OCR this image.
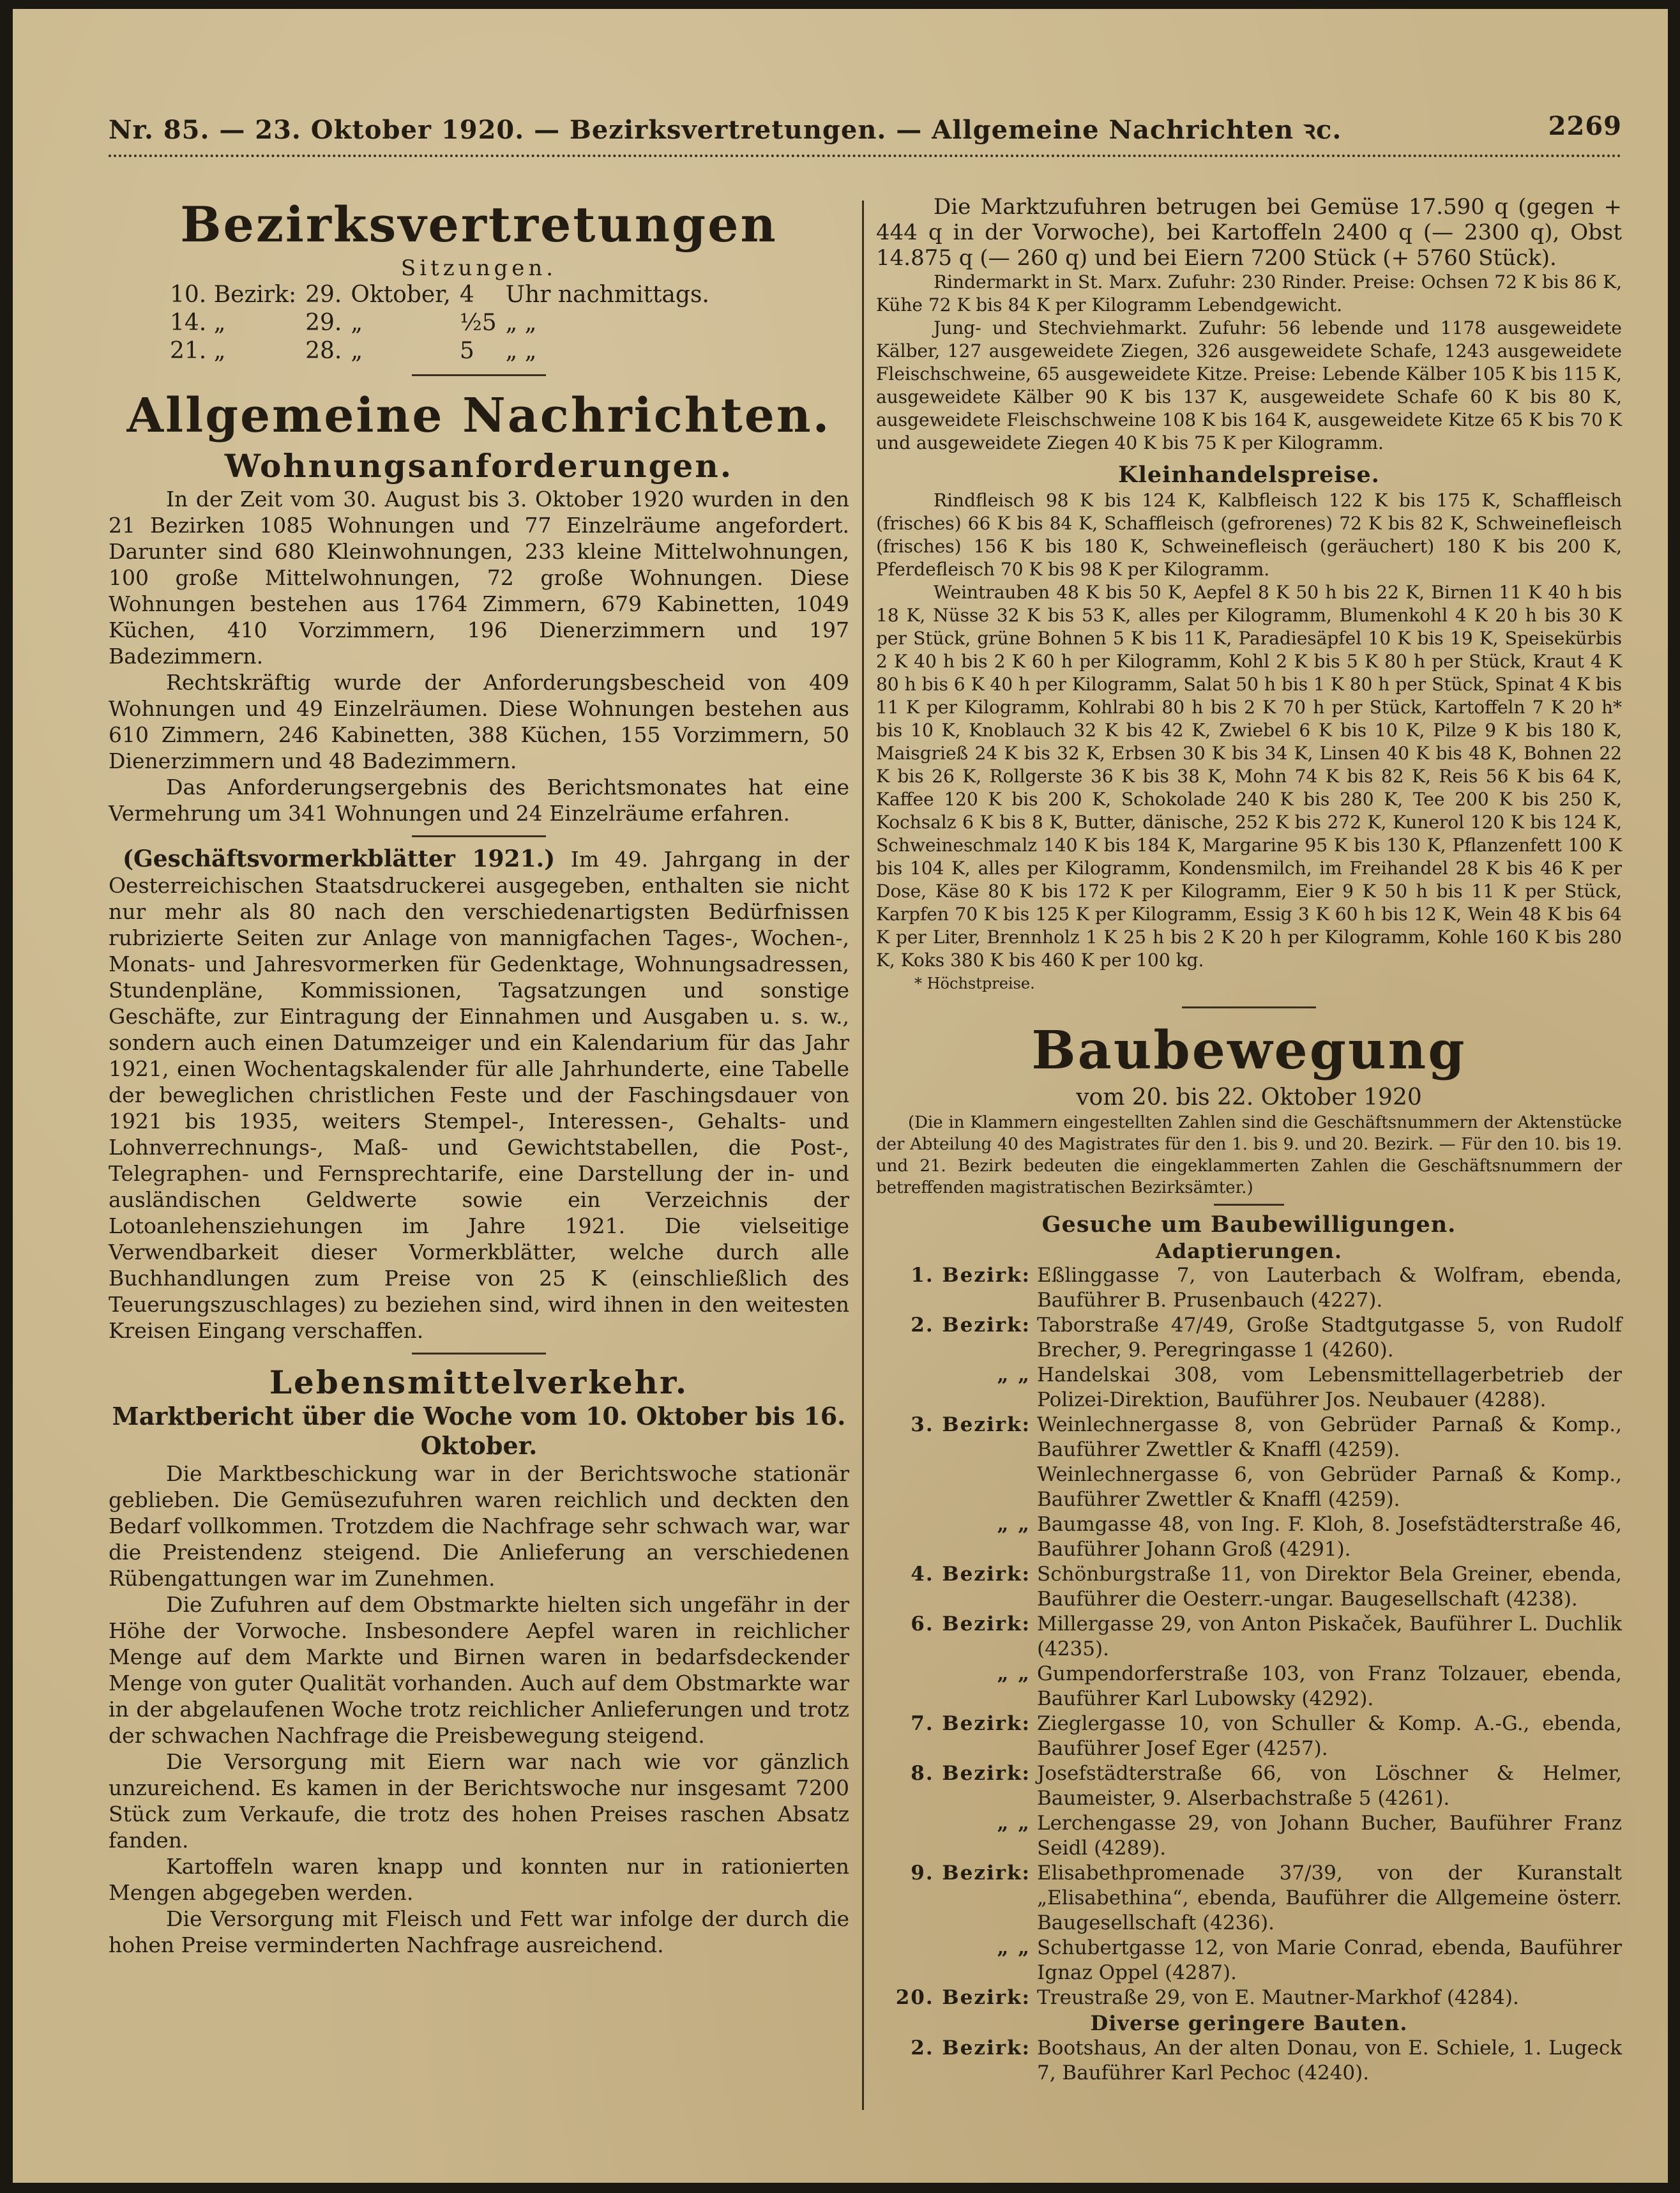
Nr. 85. — 23. Oktober 1920. — Bezirksvertretungen. — Allgemeine Nachrichten ꝛc.	2269
Bezirksvertretungen
Sitzungen.
10. Bezirk:	29.	Oktober,	4	Uhr nachmittags.
14. „	29.	„	½5	„ „
21. „	28.	„	5	„ „
Allgemeine Nachrichten.
Wohnungsanforderungen.

In der Zeit vom 30. August bis 3. Oktober 1920 wurden in den 21 Bezirken 1085 Wohnungen und 77 Einzelräume angefordert. Darunter sind 680 Kleinwohnungen, 233 kleine Mittelwohnungen, 100 große Mittelwohnungen, 72 große Wohnungen. Diese Wohnungen bestehen aus 1764 Zimmern, 679 Kabinetten, 1049 Küchen, 410 Vorzimmern, 196 Dienerzimmern und 197 Badezimmern.

Rechtskräftig wurde der Anforderungsbescheid von 409 Wohnungen und 49 Einzelräumen. Diese Wohnungen bestehen aus 610 Zimmern, 246 Kabinetten, 388 Küchen, 155 Vorzimmern, 50 Dienerzimmern und 48 Badezimmern.

Das Anforderungsergebnis des Berichtsmonates hat eine Vermehrung um 341 Wohnungen und 24 Einzelräume erfahren.

(Geschäftsvormerkblätter 1921.) Im 49. Jahrgang in der Oesterreichischen Staatsdruckerei ausgegeben, enthalten sie nicht nur mehr als 80 nach den verschiedenartigsten Bedürfnissen rubrizierte Seiten zur Anlage von mannigfachen Tages-, Wochen-, Monats- und Jahresvormerken für Gedenktage, Wohnungsadressen, Stundenpläne, Kommissionen, Tagsatzungen und sonstige Geschäfte, zur Eintragung der Einnahmen und Ausgaben u. s. w., sondern auch einen Datumzeiger und ein Kalendarium für das Jahr 1921, einen Wochentagskalender für alle Jahrhunderte, eine Tabelle der beweglichen christlichen Feste und der Faschingsdauer von 1921 bis 1935, weiters Stempel-, Interessen-, Gehalts- und Lohnverrechnungs-, Maß- und Gewichtstabellen, die Post-, Telegraphen- und Fernsprechtarife, eine Darstellung der in- und ausländischen Geldwerte sowie ein Verzeichnis der Lotoanlehensziehungen im Jahre 1921. Die vielseitige Verwendbarkeit dieser Vormerkblätter, welche durch alle Buchhandlungen zum Preise von 25 K (einschließlich des Teuerungszuschlages) zu beziehen sind, wird ihnen in den weitesten Kreisen Eingang verschaffen.

Lebensmittelverkehr.
Marktbericht über die Woche vom 10. Oktober bis 16. Oktober.

Die Marktbeschickung war in der Berichtswoche stationär geblieben. Die Gemüsezufuhren waren reichlich und deckten den Bedarf vollkommen. Trotzdem die Nachfrage sehr schwach war, war die Preistendenz steigend. Die Anlieferung an verschiedenen Rübengattungen war im Zunehmen.

Die Zufuhren auf dem Obstmarkte hielten sich ungefähr in der Höhe der Vorwoche. Insbesondere Aepfel waren in reichlicher Menge auf dem Markte und Birnen waren in bedarfsdeckender Menge von guter Qualität vorhanden. Auch auf dem Obstmarkte war in der abgelaufenen Woche trotz reichlicher Anlieferungen und trotz der schwachen Nachfrage die Preisbewegung steigend.

Die Versorgung mit Eiern war nach wie vor gänzlich unzureichend. Es kamen in der Berichtswoche nur insgesamt 7200 Stück zum Verkaufe, die trotz des hohen Preises raschen Absatz fanden.

Kartoffeln waren knapp und konnten nur in rationierten Mengen abgegeben werden.

Die Versorgung mit Fleisch und Fett war infolge der durch die hohen Preise verminderten Nachfrage ausreichend.

Die Marktzufuhren betrugen bei Gemüse 17.590 q (gegen + 444 q in der Vorwoche), bei Kartoffeln 2400 q (— 2300 q), Obst 14.875 q (— 260 q) und bei Eiern 7200 Stück (+ 5760 Stück).

Rindermarkt in St. Marx. Zufuhr: 230 Rinder. Preise: Ochsen 72 K bis 86 K, Kühe 72 K bis 84 K per Kilogramm Lebendgewicht.

Jung- und Stechviehmarkt. Zufuhr: 56 lebende und 1178 ausgeweidete Kälber, 127 ausgeweidete Ziegen, 326 ausgeweidete Schafe, 1243 ausgeweidete Fleischschweine, 65 ausgeweidete Kitze. Preise: Lebende Kälber 105 K bis 115 K, ausgeweidete Kälber 90 K bis 137 K, ausgeweidete Schafe 60 K bis 80 K, ausgeweidete Fleischschweine 108 K bis 164 K, ausgeweidete Kitze 65 K bis 70 K und ausgeweidete Ziegen 40 K bis 75 K per Kilogramm.

Kleinhandelspreise.

Rindfleisch 98 K bis 124 K, Kalbfleisch 122 K bis 175 K, Schaffleisch (frisches) 66 K bis 84 K, Schaffleisch (gefrorenes) 72 K bis 82 K, Schweinefleisch (frisches) 156 K bis 180 K, Schweinefleisch (geräuchert) 180 K bis 200 K, Pferdefleisch 70 K bis 98 K per Kilogramm.

Weintrauben 48 K bis 50 K, Aepfel 8 K 50 h bis 22 K, Birnen 11 K 40 h bis 18 K, Nüsse 32 K bis 53 K, alles per Kilogramm, Blumenkohl 4 K 20 h bis 30 K per Stück, grüne Bohnen 5 K bis 11 K, Paradiesäpfel 10 K bis 19 K, Speisekürbis 2 K 40 h bis 2 K 60 h per Kilogramm, Kohl 2 K bis 5 K 80 h per Stück, Kraut 4 K 80 h bis 6 K 40 h per Kilogramm, Salat 50 h bis 1 K 80 h per Stück, Spinat 4 K bis 11 K per Kilogramm, Kohlrabi 80 h bis 2 K 70 h per Stück, Kartoffeln 7 K 20 h* bis 10 K, Knoblauch 32 K bis 42 K, Zwiebel 6 K bis 10 K, Pilze 9 K bis 180 K, Maisgrieß 24 K bis 32 K, Erbsen 30 K bis 34 K, Linsen 40 K bis 48 K, Bohnen 22 K bis 26 K, Rollgerste 36 K bis 38 K, Mohn 74 K bis 82 K, Reis 56 K bis 64 K, Kaffee 120 K bis 200 K, Schokolade 240 K bis 280 K, Tee 200 K bis 250 K, Kochsalz 6 K bis 8 K, Butter, dänische, 252 K bis 272 K, Kunerol 120 K bis 124 K, Schweineschmalz 140 K bis 184 K, Margarine 95 K bis 130 K, Pflanzenfett 100 K bis 104 K, alles per Kilogramm, Kondensmilch, im Freihandel 28 K bis 46 K per Dose, Käse 80 K bis 172 K per Kilogramm, Eier 9 K 50 h bis 11 K per Stück, Karpfen 70 K bis 125 K per Kilogramm, Essig 3 K 60 h bis 12 K, Wein 48 K bis 64 K per Liter, Brennholz 1 K 25 h bis 2 K 20 h per Kilogramm, Kohle 160 K bis 280 K, Koks 380 K bis 460 K per 100 kg.

* Höchstpreise.

Baubewegung
vom 20. bis 22. Oktober 1920

(Die in Klammern eingestellten Zahlen sind die Geschäftsnummern der Aktenstücke der Abteilung 40 des Magistrates für den 1. bis 9. und 20. Bezirk. — Für den 10. bis 19. und 21. Bezirk bedeuten die eingeklammerten Zahlen die Geschäftsnummern der betreffenden magistratischen Bezirksämter.)

Gesuche um Baubewilligungen.
Adaptierungen.
1. Bezirk: Eßlinggasse 7, von Lauterbach & Wolfram, ebenda, Bauführer B. Prusenbauch (4227).
2. Bezirk: Taborstraße 47/49, Große Stadtgutgasse 5, von Rudolf Brecher, 9. Peregringasse 1 (4260).
„ „ Handelskai 308, vom Lebensmittellagerbetrieb der Polizei-Direktion, Bauführer Jos. Neubauer (4288).
3. Bezirk: Weinlechnergasse 8, von Gebrüder Parnaß & Komp., Bauführer Zwettler & Knaffl (4259).
Weinlechnergasse 6, von Gebrüder Parnaß & Komp., Bauführer Zwettler & Knaffl (4259).
„ „ Baumgasse 48, von Ing. F. Kloh, 8. Josefstädterstraße 46, Bauführer Johann Groß (4291).
4. Bezirk: Schönburgstraße 11, von Direktor Bela Greiner, ebenda, Bauführer die Oesterr.-ungar. Baugesellschaft (4238).
6. Bezirk: Millergasse 29, von Anton Piskaček, Bauführer L. Duchlik (4235).
„ „ Gumpendorferstraße 103, von Franz Tolzauer, ebenda, Bauführer Karl Lubowsky (4292).
7. Bezirk: Zieglergasse 10, von Schuller & Komp. A.-G., ebenda, Bauführer Josef Eger (4257).
8. Bezirk: Josefstädterstraße 66, von Löschner & Helmer, Baumeister, 9. Alserbachstraße 5 (4261).
„ „ Lerchengasse 29, von Johann Bucher, Bauführer Franz Seidl (4289).
9. Bezirk: Elisabethpromenade 37/39, von der Kuranstalt „Elisabethina“, ebenda, Bauführer die Allgemeine österr. Baugesellschaft (4236).
„ „ Schubertgasse 12, von Marie Conrad, ebenda, Bauführer Ignaz Oppel (4287).
20. Bezirk: Treustraße 29, von E. Mautner-Markhof (4284).
Diverse geringere Bauten.
2. Bezirk: Bootshaus, An der alten Donau, von E. Schiele, 1. Lugeck 7, Bauführer Karl Pechoc (4240).
